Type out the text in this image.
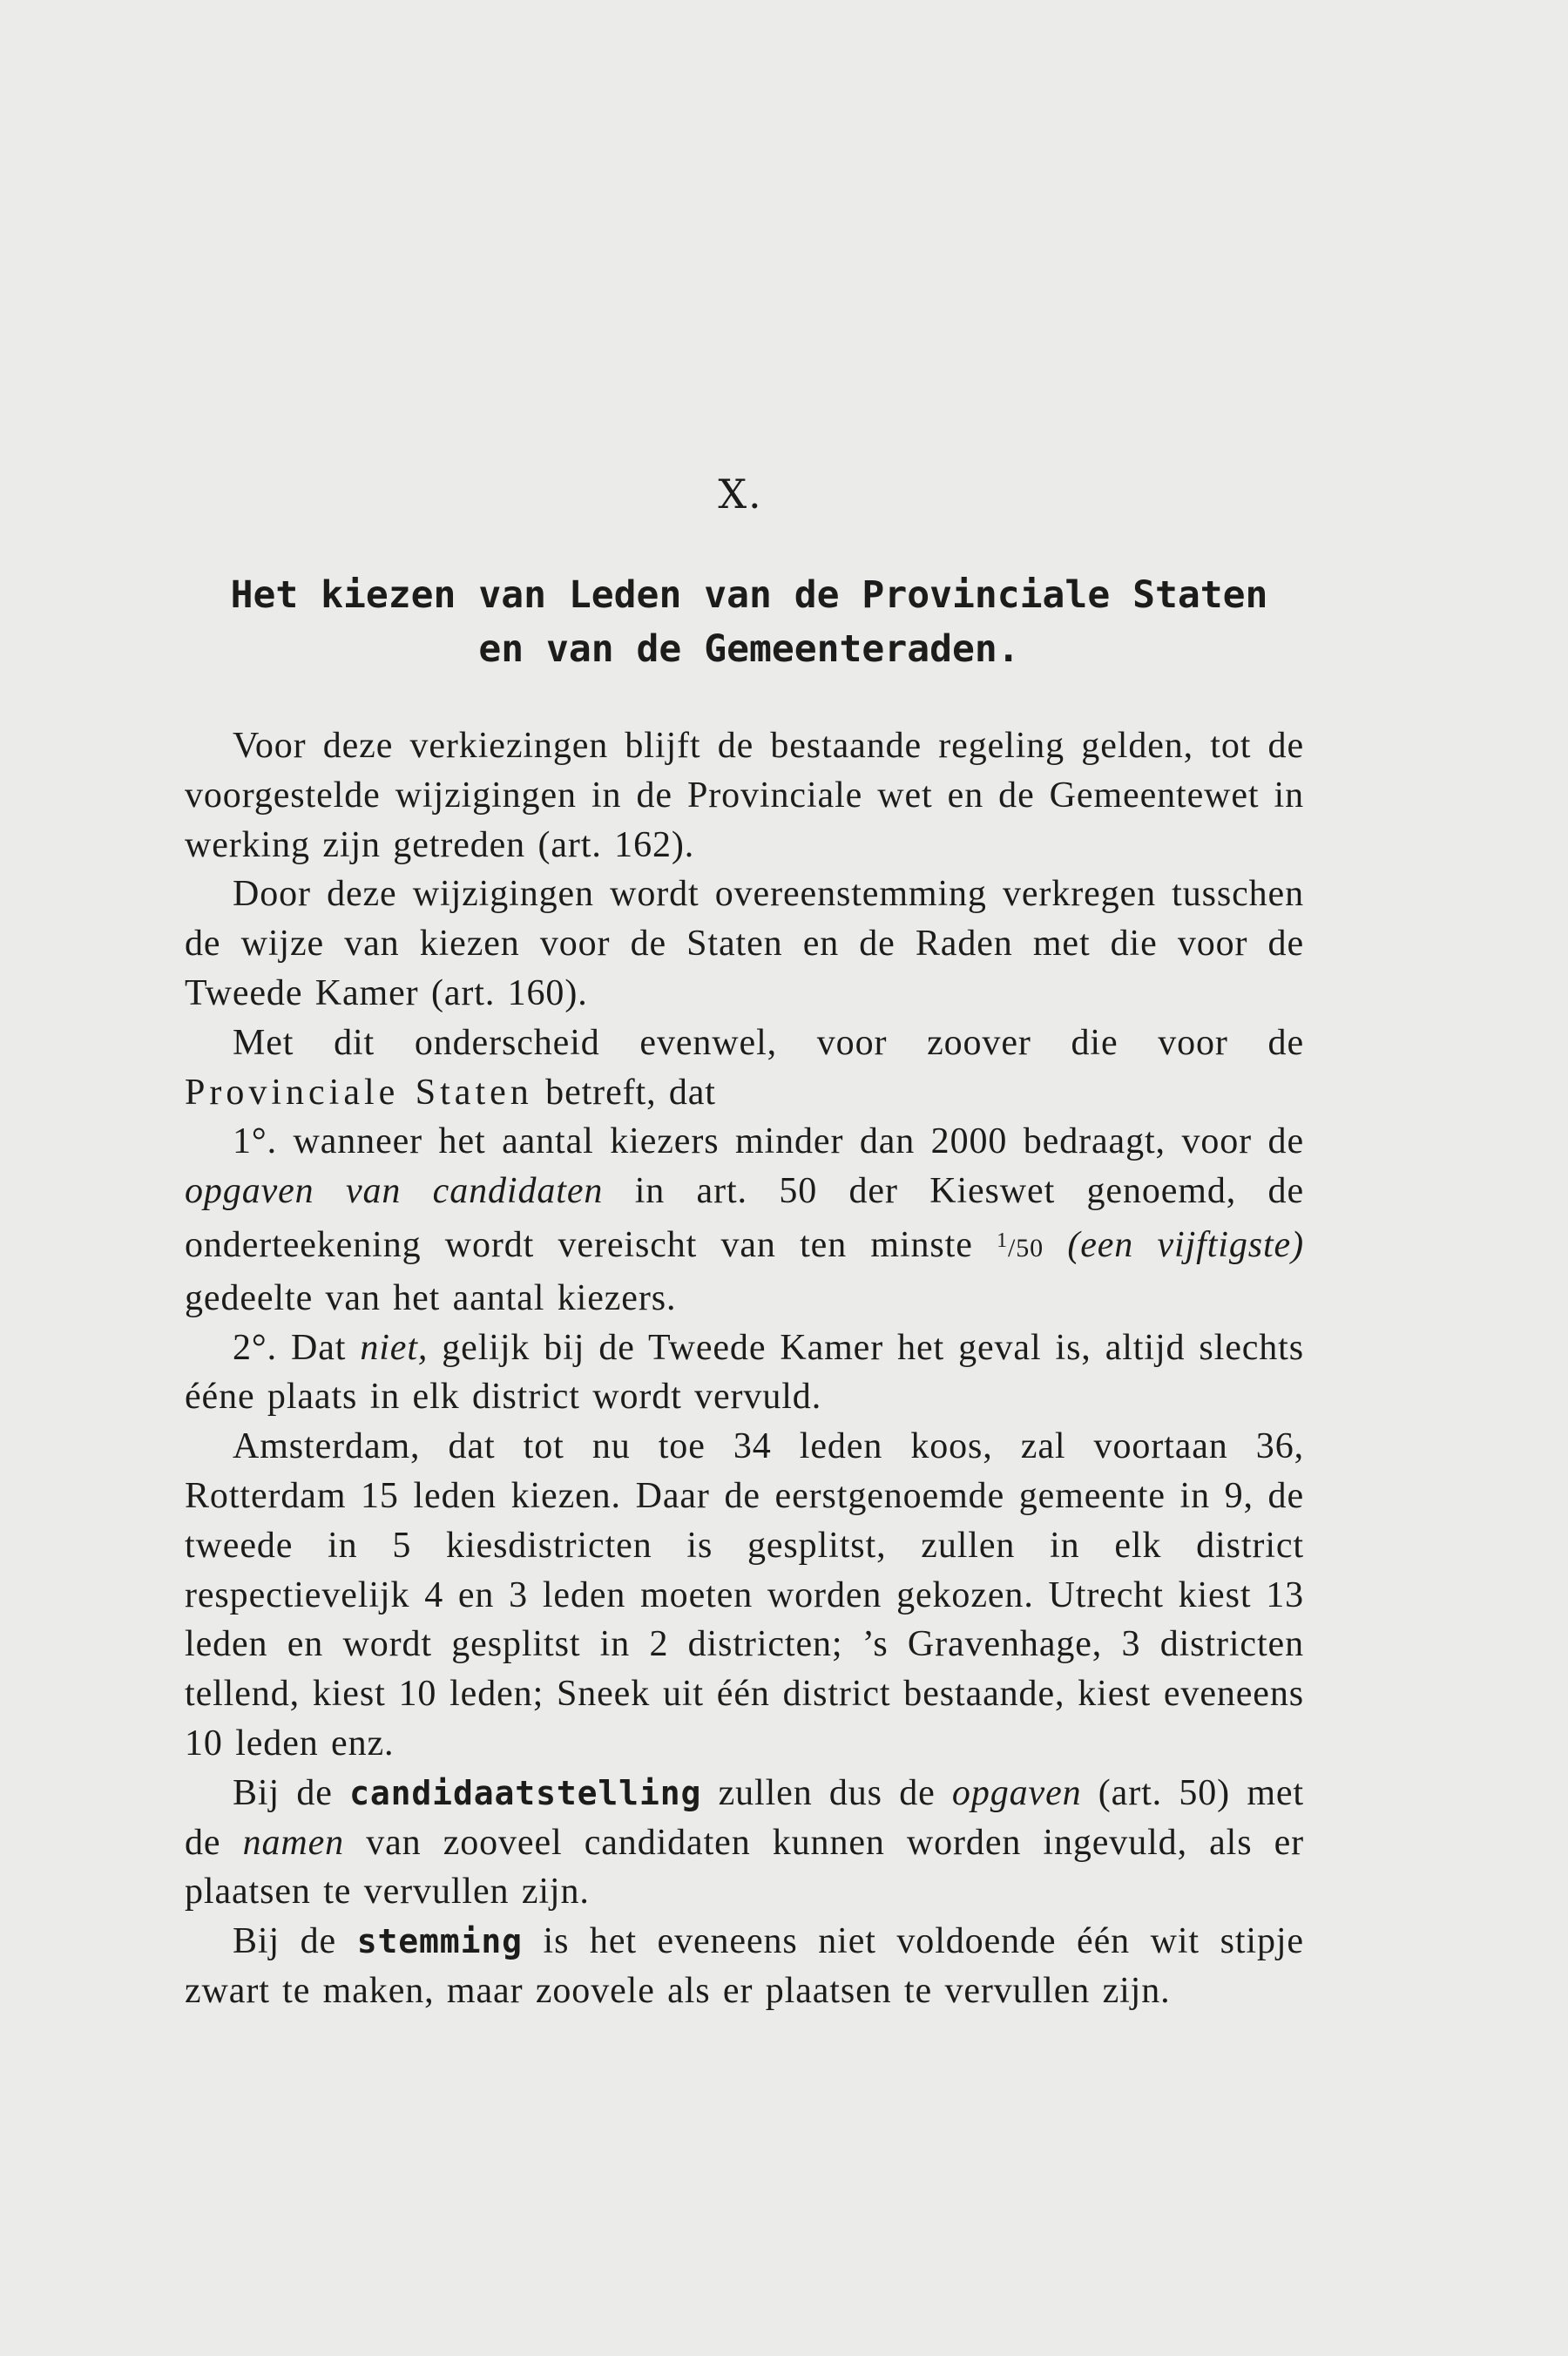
X.
Het kiezen van Leden van de Provinciale Staten
en van de Gemeenteraden.

Voor deze verkiezingen blijft de bestaande regeling gelden, tot de voorgestelde wijzigingen in de Provinciale wet en de Gemeentewet in werking zijn getreden (art. 162).

Door deze wijzigingen wordt overeenstemming verkregen tusschen de wijze van kiezen voor de Staten en de Raden met die voor de Tweede Kamer (art. 160).

Met dit onderscheid evenwel, voor zoover die voor de Provinciale Staten betreft, dat

1°. wanneer het aantal kiezers minder dan 2000 bedraagt, voor de opgaven van candidaten in art. 50 der Kieswet genoemd, de onderteekening wordt vereischt van ten minste $^1$/50 (een vijftigste) gedeelte van het aantal kiezers.

2°. Dat niet, gelijk bij de Tweede Kamer het geval is, altijd slechts ééne plaats in elk district wordt vervuld.

Amsterdam, dat tot nu toe 34 leden koos, zal voortaan 36, Rotterdam 15 leden kiezen. Daar de eerstgenoemde gemeente in 9, de tweede in 5 kiesdistricten is gesplitst, zullen in elk district respectievelijk 4 en 3 leden moeten worden gekozen. Utrecht kiest 13 leden en wordt gesplitst in 2 districten; ’s Gravenhage, 3 districten tellend, kiest 10 leden; Sneek uit één district bestaande, kiest eveneens 10 leden enz.

Bij de candidaatstelling zullen dus de opgaven (art. 50) met de namen van zooveel candidaten kunnen worden ingevuld, als er plaatsen te vervullen zijn.

Bij de stemming is het eveneens niet voldoende één wit stipje zwart te maken, maar zoovele als er plaatsen te vervullen zijn.
